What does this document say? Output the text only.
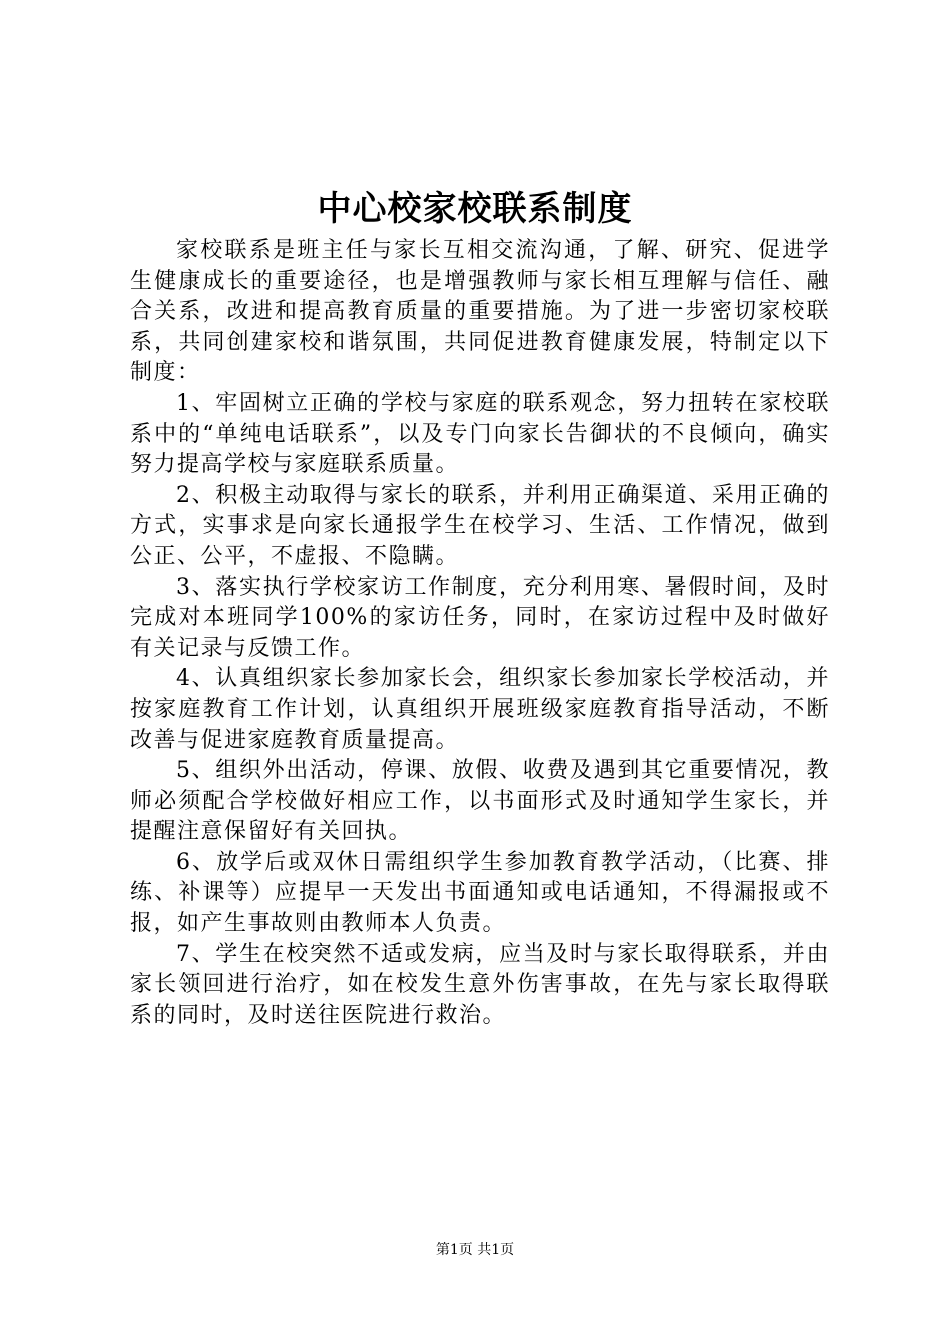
中心校家校联系制度

家校联系是班主任与家长互相交流沟通，了解、研究、促进学生健康成长的重要途径，也是增强教师与家长相互理解与信任、融合关系，改进和提高教育质量的重要措施。为了进一步密切家校联系，共同创建家校和谐氛围，共同促进教育健康发展，特制定以下制度：

1、牢固树立正确的学校与家庭的联系观念，努力扭转在家校联系中的“单纯电话联系”，以及专门向家长告御状的不良倾向，确实努力提高学校与家庭联系质量。

2、积极主动取得与家长的联系，并利用正确渠道、采用正确的方式，实事求是向家长通报学生在校学习、生活、工作情况，做到公正、公平，不虚报、不隐瞒。

3、落实执行学校家访工作制度，充分利用寒、暑假时间，及时完成对本班同学100%的家访任务，同时，在家访过程中及时做好有关记录与反馈工作。

4、认真组织家长参加家长会，组织家长参加家长学校活动，并按家庭教育工作计划，认真组织开展班级家庭教育指导活动，不断改善与促进家庭教育质量提高。

5、组织外出活动，停课、放假、收费及遇到其它重要情况，教师必须配合学校做好相应工作，以书面形式及时通知学生家长，并提醒注意保留好有关回执。

6、放学后或双休日需组织学生参加教育教学活动，（比赛、排练、补课等）应提早一天发出书面通知或电话通知，不得漏报或不报，如产生事故则由教师本人负责。

7、学生在校突然不适或发病，应当及时与家长取得联系，并由家长领回进行治疗，如在校发生意外伤害事故，在先与家长取得联系的同时，及时送往医院进行救治。

第1页 共1页
